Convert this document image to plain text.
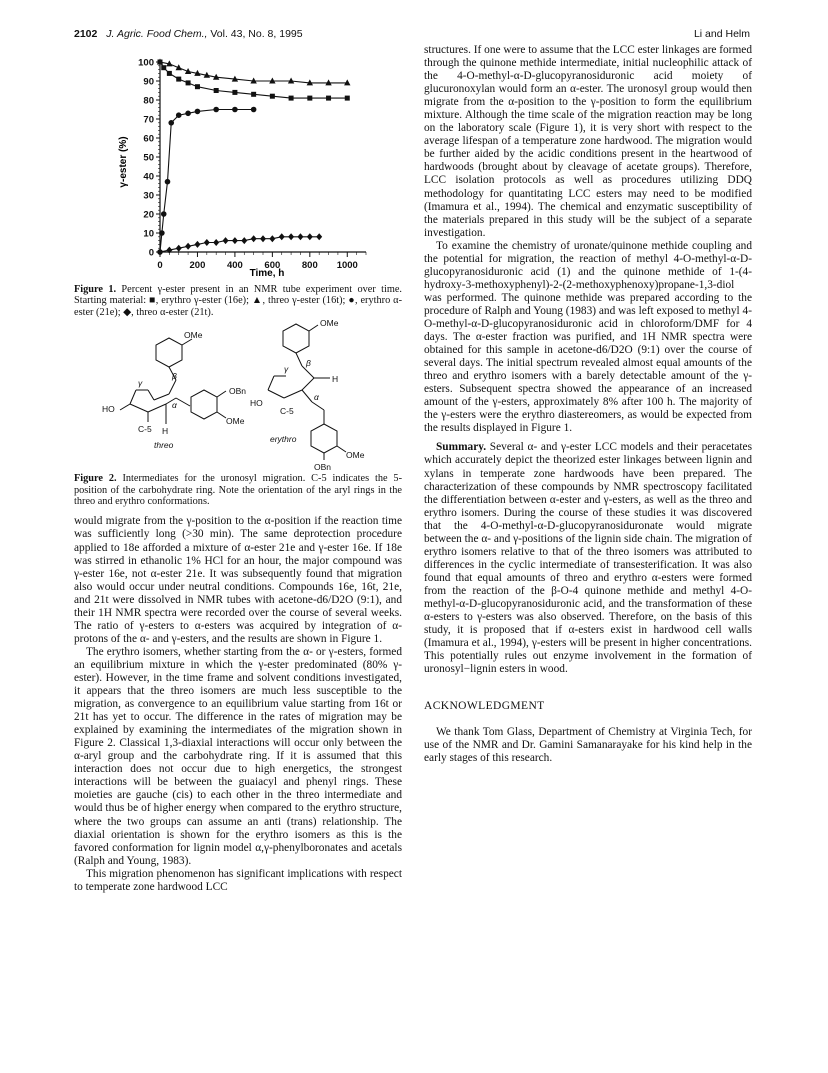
2102 J. Agric. Food Chem., Vol. 43, No. 8, 1995	Li and Helm
0
10
20
30
40
50
60
70
80
90
100
0	200 400 600 800 1000
γ-ester (%)
Time, h

Figure 1. Percent γ-ester present in an NMR tube experiment over time. Starting material: ■, erythro γ-ester (16e); ▲, threo γ-ester (16t); ●, erythro α-ester (21e); ◆, threo α-ester (21t).

OMe
OBn
OMe
HO
C-5 H
β
γ
α
threo
OMe
HO
C-5
H
β
γ
α
erythro
OMe
OBn

Figure 2. Intermediates for the uronosyl migration. C-5 indicates the 5-position of the carbohydrate ring. Note the orientation of the aryl rings in the threo and erythro conformations.

would migrate from the γ-position to the α-position if the reaction time was sufficiently long (>30 min). The same deprotection procedure applied to 18e afforded a mixture of α-ester 21e and γ-ester 16e. If 18e was stirred in ethanolic 1% HCl for an hour, the major compound was γ-ester 16e, not α-ester 21e. It was subsequently found that migration also would occur under neutral conditions. Compounds 16e, 16t, 21e, and 21t were dissolved in NMR tubes with acetone-d6/D2O (9:1), and their 1H NMR spectra were recorded over the course of several weeks. The ratio of γ-esters to α-esters was acquired by integration of α-protons of the α- and γ-esters, and the results are shown in Figure 1.

The erythro isomers, whether starting from the α- or γ-esters, formed an equilibrium mixture in which the γ-ester predominated (80% γ-ester). However, in the time frame and solvent conditions investigated, it appears that the threo isomers are much less susceptible to the migration, as convergence to an equilibrium value starting from 16t or 21t has yet to occur. The difference in the rates of migration may be explained by examining the intermediates of the migration shown in Figure 2. Classical 1,3-diaxial interactions will occur only between the α-aryl group and the carbohydrate ring. If it is assumed that this interaction does not occur due to high energetics, the strongest interactions will be between the guaiacyl and phenyl rings. These moieties are gauche (cis) to each other in the threo intermediate and would thus be of higher energy when compared to the erythro structure, where the two groups can assume an anti (trans) relationship. The diaxial orientation is shown for the erythro isomers as this is the favored conformation for lignin model α,γ-phenylboronates and acetals (Ralph and Young, 1983).

This migration phenomenon has significant implications with respect to temperate zone hardwood LCC

structures. If one were to assume that the LCC ester linkages are formed through the quinone methide intermediate, initial nucleophilic attack of the 4-O-methyl-α-D-glucopyranosiduronic acid moiety of glucuronoxylan would form an α-ester. The uronosyl group would then migrate from the α-position to the γ-position to form the equilibrium mixture. Although the time scale of the migration reaction may be long on the laboratory scale (Figure 1), it is very short with respect to the average lifespan of a temperature zone hardwood. The migration would be further aided by the acidic conditions present in the heartwood of hardwoods (brought about by cleavage of acetate groups). Therefore, LCC isolation protocols as well as procedures utilizing DDQ methodology for quantitating LCC esters may need to be modified (Imamura et al., 1994). The chemical and enzymatic susceptibility of the materials prepared in this study will be the subject of a separate investigation.

To examine the chemistry of uronate/quinone methide coupling and the potential for migration, the reaction of methyl 4-O-methyl-α-D-glucopyranosiduronic acid (1) and the quinone methide of 1-(4-hydroxy-3-methoxyphenyl)-2-(2-methoxyphenoxy)propane-1,3-diol was performed. The quinone methide was prepared according to the procedure of Ralph and Young (1983) and was left exposed to methyl 4-O-methyl-α-D-glucopyranosiduronic acid in chloroform/DMF for 4 days. The α-ester fraction was purified, and 1H NMR spectra were obtained for this sample in acetone-d6/D2O (9:1) over the course of several days. The initial spectrum revealed almost equal amounts of the threo and erythro isomers with a barely detectable amount of the γ-esters. Subsequent spectra showed the appearance of an increased amount of the γ-esters, approximately 8% after 100 h. The majority of the γ-esters were the erythro diastereomers, as would be expected from the results displayed in Figure 1.

Summary. Several α- and γ-ester LCC models and their peracetates which accurately depict the theorized ester linkages between lignin and xylans in temperate zone hardwoods have been prepared. The characterization of these compounds by NMR spectroscopy facilitated the differentiation between α-ester and γ-esters, as well as the threo and erythro isomers. During the course of these studies it was discovered that the 4-O-methyl-α-D-glucopyranosiduronate would migrate between the α- and γ-positions of the lignin side chain. The migration of erythro isomers relative to that of the threo isomers was attributed to differences in the cyclic intermediate of transesterification. It was also found that equal amounts of threo and erythro α-esters were formed from the reaction of the β-O-4 quinone methide and methyl 4-O-methyl-α-D-glucopyranosiduronic acid, and the transformation of these α-esters to γ-esters was also observed. Therefore, on the basis of this study, it is proposed that if α-esters exist in hardwood cell walls (Imamura et al., 1994), γ-esters will be present in higher concentrations. This potentially rules out enzyme involvement in the formation of uronosyl−lignin esters in wood.

ACKNOWLEDGMENT

We thank Tom Glass, Department of Chemistry at Virginia Tech, for use of the NMR and Dr. Gamini Samanarayake for his kind help in the early stages of this research.
